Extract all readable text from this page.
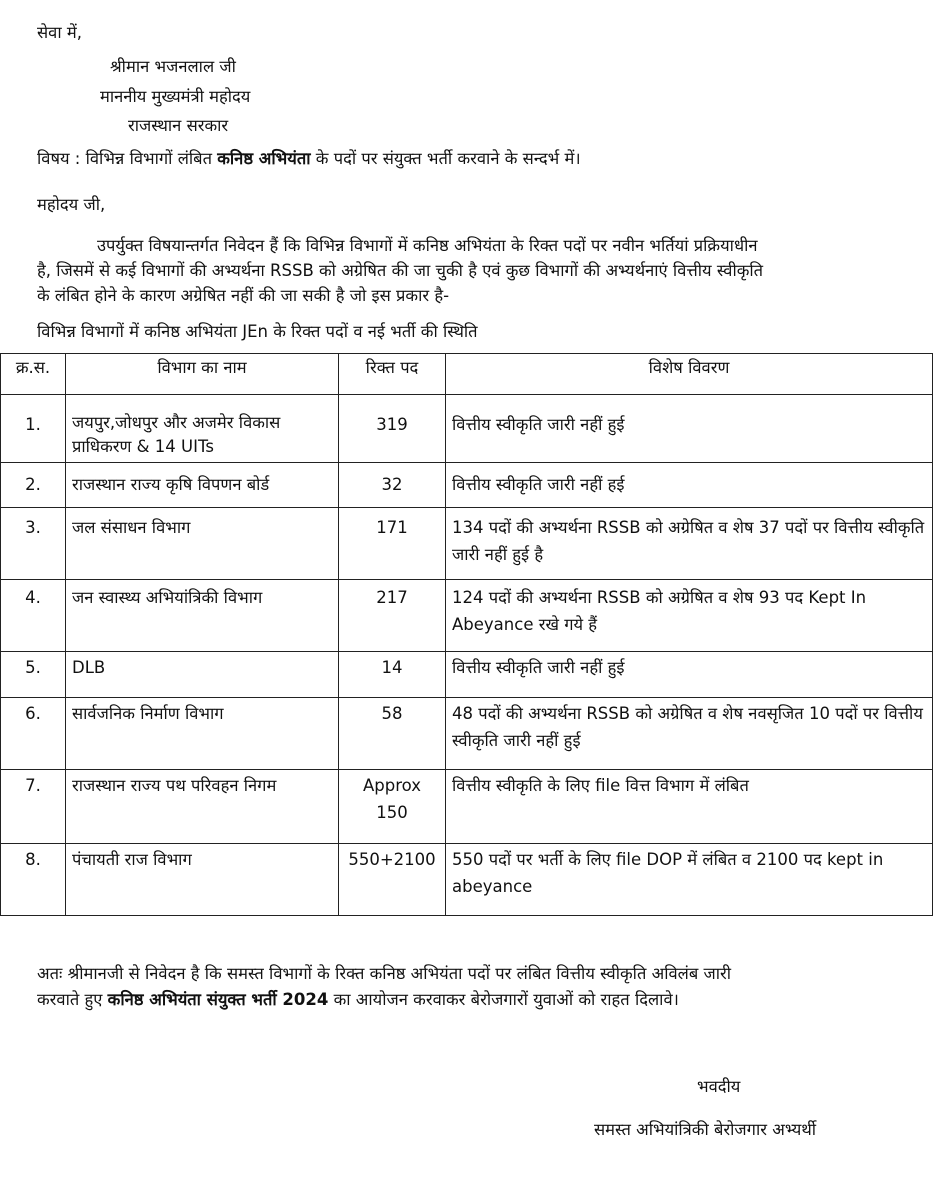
सेवा में,
श्रीमान भजनलाल जी
माननीय मुख्यमंत्री महोदय
राजस्थान सरकार
विषय : विभिन्न विभागों लंबित कनिष्ठ अभियंता के पदों पर संयुक्त भर्ती करवाने के सन्दर्भ में।
महोदय जी,
उपर्युक्त विषयान्तर्गत निवेदन हैं कि विभिन्न विभागों में कनिष्ठ अभियंता के रिक्त पदों पर नवीन भर्तियां प्रक्रियाधीन
है, जिसमें से कई विभागों की अभ्यर्थना RSSB को अग्रेषित की जा चुकी है एवं कुछ विभागों की अभ्यर्थनाएं वित्तीय स्वीकृति
के लंबित होने के कारण अग्रेषित नहीं की जा सकी है जो इस प्रकार है-
विभिन्न विभागों में कनिष्ठ अभियंता JEn के रिक्त पदों व नई भर्ती की स्थिति
क्र.स.	विभाग का नाम	रिक्त पद	विशेष विवरण
1.	जयपुर,जोधपुर और अजमेर विकास प्राधिकरण & 14 UITs	319	वित्तीय स्वीकृति जारी नहीं हुई
2.	राजस्थान राज्य कृषि विपणन बोर्ड	32	वित्तीय स्वीकृति जारी नहीं हई
3.	जल संसाधन विभाग	171	134 पदों की अभ्यर्थना RSSB को अग्रेषित व शेष 37 पदों पर वित्तीय स्वीकृति जारी नहीं हुई है
4.	जन स्वास्थ्य अभियांत्रिकी विभाग	217	124 पदों की अभ्यर्थना RSSB को अग्रेषित व शेष 93 पद Kept In Abeyance रखे गये हैं
5.	DLB	14	वित्तीय स्वीकृति जारी नहीं हुई
6.	सार्वजनिक निर्माण विभाग	58	48 पदों की अभ्यर्थना RSSB को अग्रेषित व शेष नवसृजित 10 पदों पर वित्तीय स्वीकृति जारी नहीं हुई
7.	राजस्थान राज्य पथ परिवहन निगम	Approx 150	वित्तीय स्वीकृति के लिए file वित्त विभाग में लंबित
8.	पंचायती राज विभाग	550+2100	550 पदों पर भर्ती के लिए file DOP में लंबित व 2100 पद kept in abeyance
अतः श्रीमानजी से निवेदन है कि समस्त विभागों के रिक्त कनिष्ठ अभियंता पदों पर लंबित वित्तीय स्वीकृति अविलंब जारी
करवाते हुए कनिष्ठ अभियंता संयुक्त भर्ती 2024 का आयोजन करवाकर बेरोजगारों युवाओं को राहत दिलावे।
भवदीय
समस्त अभियांत्रिकी बेरोजगार अभ्यर्थी
